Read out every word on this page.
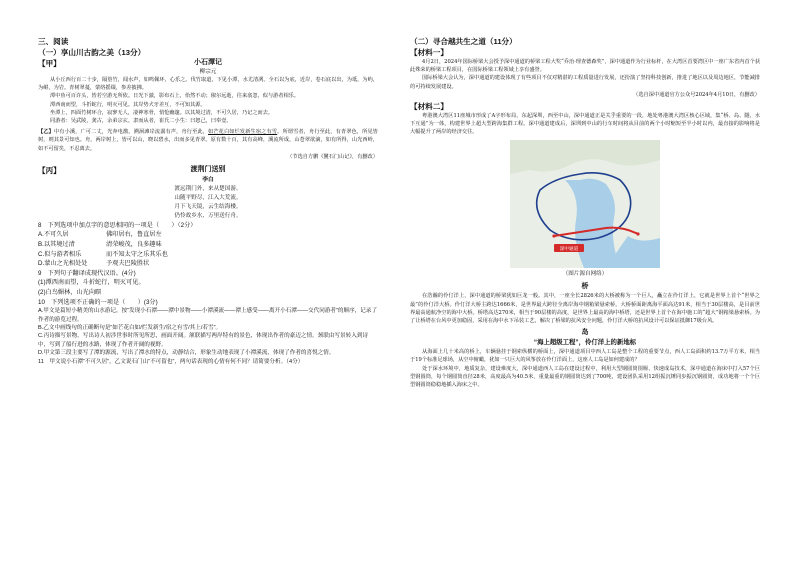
三、阅读

（一）享山川古韵之美（13分）

【甲】	小石潭记

柳宗元

从小丘西行百二十步，隔篁竹，闻水声，如鸣佩环，心乐之。伐竹取道，下见小潭，水尤清冽。全石以为底，近岸，卷石底以出，为坻，为屿，为嵁，为岩。青树翠蔓，蒙络摇缀，参差披拂。

潭中鱼可百许头，皆若空游无所依。日光下澈，影布石上，佁然不动；俶尔远逝，往来翕忽，似与游者相乐。

潭西南而望，斗折蛇行，明灭可见。其岸势犬牙差互，不可知其源。

坐潭上，四面竹树环合，寂寥无人，凄神寒骨，悄怆幽邃。以其境过清，不可久居，乃记之而去。

同游者：吴武陵，龚古，余弟宗玄。隶而从者，崔氏二小生：曰恕己，曰奉壹。

【乙】中有小溪，广可二丈，光奔电激。溯洄滩岸流潺有声，舟行至此，如芒花白如烂发新生宿之有雪。所谓雪者，舟行至此，有青翠色，所见皆树，则其景可知也。舟，两岸树上，皆可以山，晓以碧水，出而多见青翠。原有数十百，其有高峰，溪流所成，山苍翠欲滴，如有所得，山光西岭，如不可留矣，不忍离去。

（节选自方鹏《鬘石门山记》，有删改）

【丙】	渡荆门送别

李白

渡远荆门外，来从楚国游。

山随平野尽，江入大荒流。

月下飞天镜，云生结海楼。

仍怜故乡水，万里送行舟。

8　下列选项中加点字的意思相同的一项是（　　）（2分）

A.不可久居	佛印居右，鲁直居左
B.以其境过清	清荣峻茂，良多趣味
C.似与游者相乐	而不知太守之乐其乐也
D.蒙山之光相处处	予观夫巴陵胜状

9　下列句子翻译成现代汉语。(4分)

(1)潭西南而望，斗折蛇行，明灭可见。

(2)白鸟媚林，山光向暝

10　下列选项不正确的一项是（　　）(3分)

A.甲文是篇短小精美的山水游记，按“发现小石潭——潭中景物——小潭溪流——潭上感受——离开小石潭——交代同游者”的顺序，记录了作者的游览过程。

B.乙文中画线句的正确断句是“如芒花白如/烂发新生/宿之有雪/其上/若雪”。

C.丙诗描写景物，写出诗人初涉世事时所见所思，画面开阔。颔联描写两岸特有的景色，体现出作者的豪迈之情。颈联由写景转入到诗中，写到了船行进的水路，体现了作者开阔的视野。

D.甲文第三段主要写了潭的源流，写出了潭水的特点，动静结合，形象生动地表现了小潭溪流，体现了作者的喜悦之情。

11　甲文说小石潭“不可久居”，乙文说石门山“不可留也”，两句话表现的心情有何不同？请简要分析。（4分）

（二）寻合越共生之道（11分）

【材料一】

4月2日，2024年国际桥梁大会授予深中通道的桥梁工程大奖“乔治·理查德森奖”，深中通道作为行业标杆，在大湾区首要湾区中一座广东省内首个获此殊荣的桥梁工程项目，在国际桥梁工程领域上享有盛誉。

国际桥梁大会认为，深中通道的建设体现了有些项目不仅对精湛的工程质量进行发展，还扮演了坚持科技创新，推进了地区以及周边地区，节能减排的可持续发展建设。

（选自深中通道官方公众号2024年4月10日，有删改）

【材料二】

粤港澳大湾区11座城市形成了A字形布局，东起深圳，西至中山，深中通道正是关乎重要的一段，地处粤港澳大湾区核心区域，集“桥、岛、隧、水下互通”为一体，构建世界上超大型跨海集群工程。深中通道建成后，深圳到中山的行车时间将从目前的两个小时缩短至半小时以内，最直接的影响将是大幅提升了两岸的经济交往。

深中通道

（图片源自网络）

桥

在浩瀚的伶仃洋上，深中通道的桥梁犹如巨龙一般。其中，一座全长2826米的大桥被称为一个巨人，矗立在伶仃洋上，它就是世界上首个“世界之最”的伶仃洋大桥。伶仃洋大桥主跨达1666米，是世界最大跨径全离岸海中钢箱梁悬索桥。大桥桥面距离海平面高达91米，相当于30层楼高，是目前世界最高通航净空的海中大桥。桥塔高达270米，相当于90层楼的高度，是世界上最高的海中桥塔，还是世界上首个在海中施工的“超大”钢箱梁悬索桥。为了让桥塔在台风中更加稳固，采用在海中水下吊装工艺，解决了桥梁的抗风安全问题，伶仃洋大桥的抗风设计可以保证抵御17级台风。

岛

“海上超级工程”，伶仃洋上的新地标

从海面上几十米高的桥上，车辆悬挂于钢索纵横的桥面上，深中通道项目中西人工岛是整个工程的重要节点，西人工岛面积约13.7万平方米，相当于19个标准足球场，从空中俯瞰，犹如一只巨大的风筝放在伶仃洋面上，这座人工岛是如何建成的？

处于深水环境中，地质复杂，建设难度大，深中通道西人工岛在建设过程中，利用大型钢圆筒围堰、快速成岛技术，深中通道在海床中打入57个巨型钢圆筒，每个钢圆筒直径28米，高度最高为40.5米，重量最重的钢圆筒达到了700吨，建设团队采用12组振沉锤同步振沉钢圆筒，成功地将一个个巨型钢圆筒稳稳地插入海床之中。
